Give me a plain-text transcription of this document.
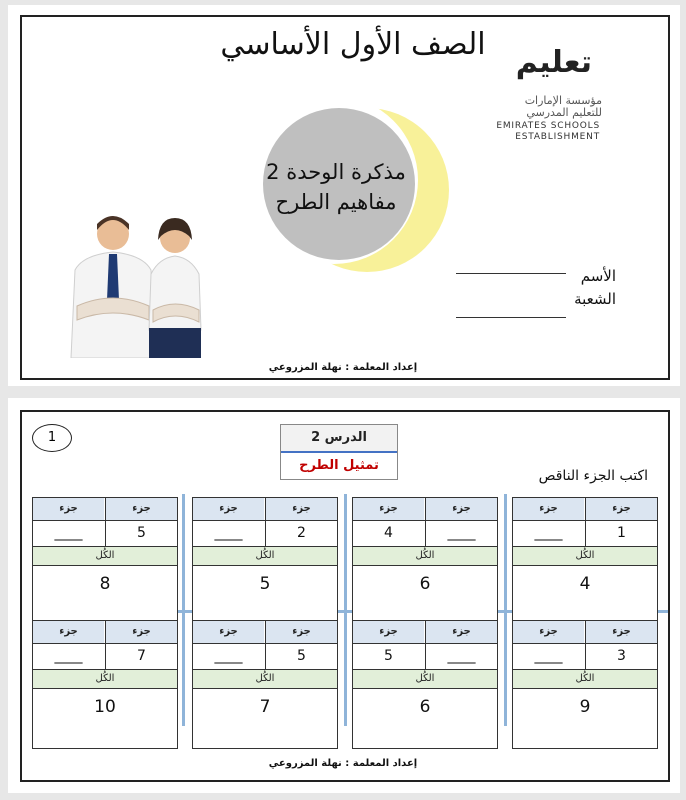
الصف الأول الأساسي
تعليم
مؤسسة الإمارات
للتعليم المدرسي
EMIRATES SCHOOLS
ESTABLISHMENT
مذكرة الوحدة 2
مفاهيم الطرح
الأسم
الشعبة
إعداد المعلمة : نهلة المزروعي
1	الدرس 2
تمثيل الطرح
اكتب الجزء الناقص
جزء
جزء
1
____
الكُل
4
جزء
جزء
____
4
الكُل
6
جزء
جزء
2
____
الكُل
5
جزء
جزء
5
____
الكُل
8
جزء
جزء
3
____
الكُل
9
جزء
جزء
____
5
الكُل
6
جزء
جزء
5
____
الكُل
7
جزء
جزء
7
____
الكُل
10
إعداد المعلمة : نهلة المزروعي
